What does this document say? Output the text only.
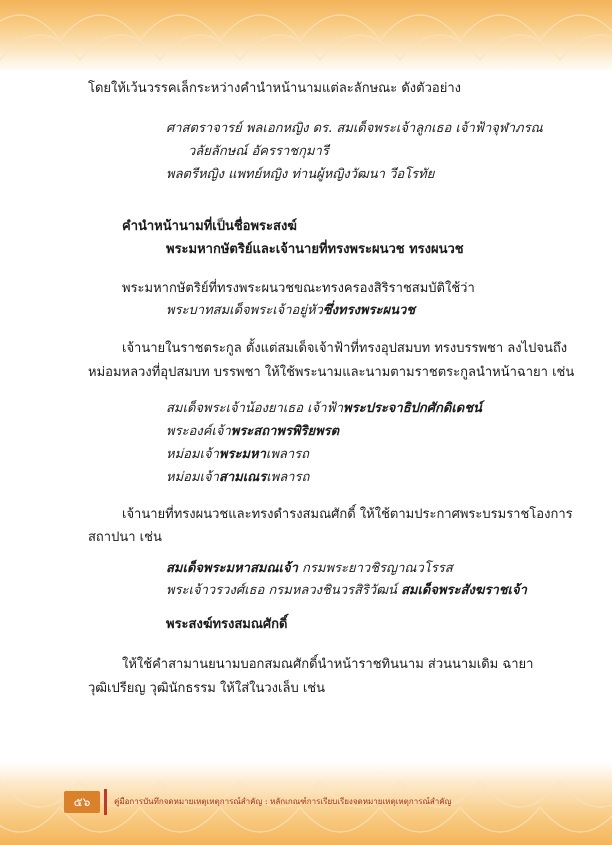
โดยให้เว้นวรรคเล็กระหว่างคำนำหน้านามแต่ละลักษณะ ดังตัวอย่าง
ศาสตราจารย์ พลเอกหญิง ดร. สมเด็จพระเจ้าลูกเธอ เจ้าฟ้าจุฬาภรณ
วลัยลักษณ์ อัครราชกุมารี
พลตรีหญิง แพทย์หญิง ท่านผู้หญิงวัฒนา วีอโรทัย
คำนำหน้านามที่เป็นชื่อพระสงฆ์
พระมหากษัตริย์และเจ้านายที่ทรงพระผนวช ทรงผนวช
พระมหากษัตริย์ที่ทรงพระผนวชขณะทรงครองสิริราชสมบัติใช้ว่า
พระบาทสมเด็จพระเจ้าอยู่หัวซึ่งทรงพระผนวช
เจ้านายในราชตระกูล ตั้งแต่สมเด็จเจ้าฟ้าที่ทรงอุปสมบท ทรงบรรพชา ลงไปจนถึง
หม่อมหลวงที่อุปสมบท บรรพชา ให้ใช้พระนามและนามตามราชตระกูลนำหน้าฉายา เช่น
สมเด็จพระเจ้าน้องยาเธอ เจ้าฟ้าพระประจาธิปกศักดิเดชน์
พระองค์เจ้าพระสถาพรพิริยพรต
หม่อมเจ้าพระมหาเพลารถ
หม่อมเจ้าสามเณรเพลารถ
เจ้านายที่ทรงผนวชและทรงดำรงสมณศักดิ์ ให้ใช้ตามประกาศพระบรมราชโองการ
สถาปนา เช่น
สมเด็จพระมหาสมณเจ้า กรมพระยาวชิรญาณวโรรส
พระเจ้าวรวงศ์เธอ กรมหลวงชินวรสิริวัฒน์ สมเด็จพระสังฆราชเจ้า
พระสงฆ์ทรงสมณศักดิ์
ให้ใช้คำสามานยนามบอกสมณศักดิ์นำหน้าราชทินนาม ส่วนนามเดิม ฉายา
วุฒิเปรียญ วุฒินักธรรม ให้ใส่ในวงเล็บ เช่น
๕๖	คู่มือการบันทึกจดหมายเหตุเหตุการณ์สำคัญ : หลักเกณฑ์การเรียบเรียงจดหมายเหตุเหตุการณ์สำคัญ
